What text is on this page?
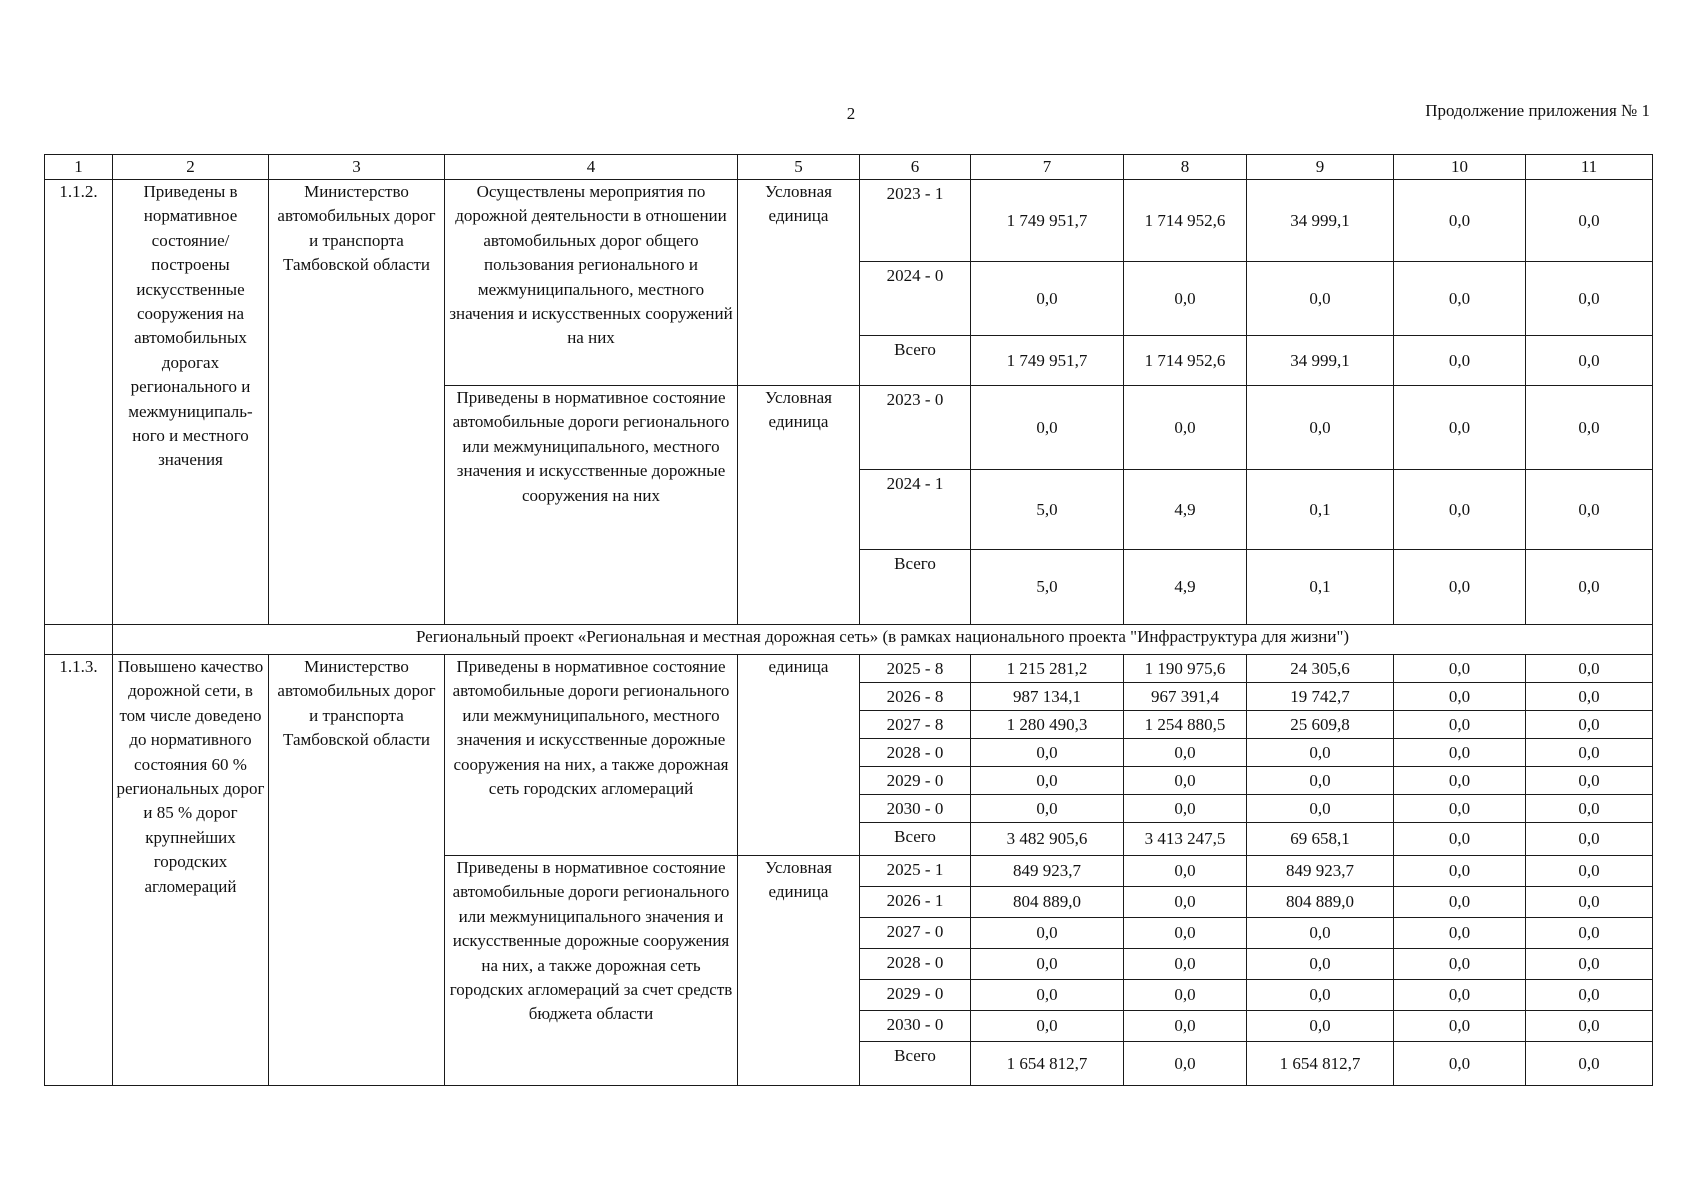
2	Продолжение приложения № 1
1	2	3	4	5	6	7	8	9	10	11
1.1.2.	Приведены в нормативное состояние/ построены искусственные сооружения на автомобильных дорогах регионального и межмуниципаль-ного и местного значения	Министерство автомобильных дорог и транспорта Тамбовской области	Осуществлены мероприятия по дорожной деятельности в отношении автомобильных дорог общего пользования регионального и межмуниципального, местного значения и искусственных сооружений на них	Условная единица	2023 - 1	1 749 951,7	1 714 952,6	34 999,1	0,0	0,0
					2024 - 0	0,0	0,0	0,0	0,0	0,0
					Всего	1 749 951,7	1 714 952,6	34 999,1	0,0	0,0
			Приведены в нормативное состояние автомобильные дороги регионального или межмуниципального, местного значения и искусственные дорожные сооружения на них	Условная единица	2023 - 0	0,0	0,0	0,0	0,0	0,0
					2024 - 1	5,0	4,9	0,1	0,0	0,0
					Всего	5,0	4,9	0,1	0,0	0,0
	Региональный проект «Региональная и местная дорожная сеть» (в рамках национального проекта "Инфраструктура для жизни")									
1.1.3.	Повышено качество дорожной сети, в том числе доведено до нормативного состояния 60 % региональных дорог и 85 % дорог крупнейших городских агломераций	Министерство автомобильных дорог и транспорта Тамбовской области	Приведены в нормативное состояние автомобильные дороги регионального или межмуниципального, местного значения и искусственные дорожные сооружения на них, а также дорожная сеть городских агломераций	единица	2025 - 8	1 215 281,2	1 190 975,6	24 305,6	0,0	0,0
					2026 - 8	987 134,1	967 391,4	19 742,7	0,0	0,0
					2027 - 8	1 280 490,3	1 254 880,5	25 609,8	0,0	0,0
					2028 - 0	0,0	0,0	0,0	0,0	0,0
					2029 - 0	0,0	0,0	0,0	0,0	0,0
					2030 - 0	0,0	0,0	0,0	0,0	0,0
					Всего	3 482 905,6	3 413 247,5	69 658,1	0,0	0,0
			Приведены в нормативное состояние автомобильные дороги регионального или межмуниципального значения и искусственные дорожные сооружения на них, а также дорожная сеть городских агломераций за счет средств бюджета области	Условная единица	2025 - 1	849 923,7	0,0	849 923,7	0,0	0,0
					2026 - 1	804 889,0	0,0	804 889,0	0,0	0,0
					2027 - 0	0,0	0,0	0,0	0,0	0,0
					2028 - 0	0,0	0,0	0,0	0,0	0,0
					2029 - 0	0,0	0,0	0,0	0,0	0,0
					2030 - 0	0,0	0,0	0,0	0,0	0,0
					Всего	1 654 812,7	0,0	1 654 812,7	0,0	0,0
